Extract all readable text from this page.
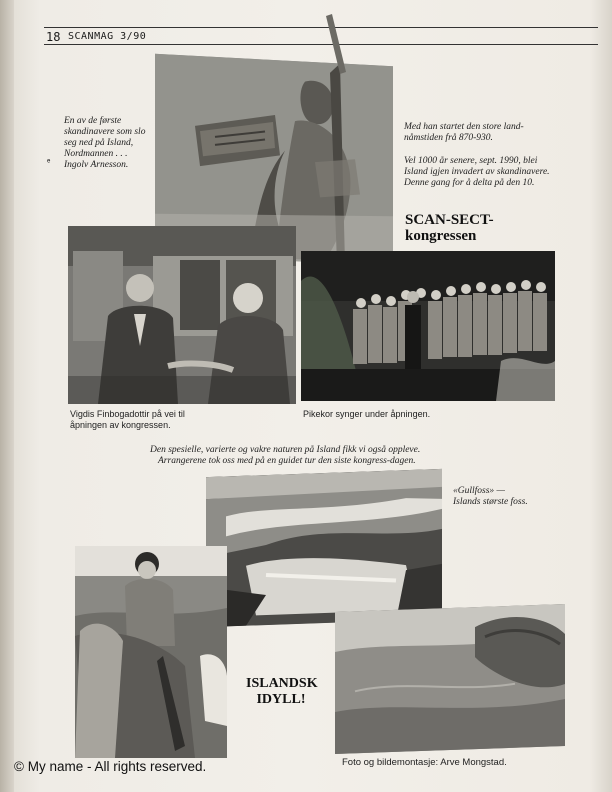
18 SCANMAG 3/90

En av de første skandinavere som slo seg ned på Island, Nordmannen . . . Ingolv Arnesson.

ₑ

Med han startet den store land-nåmstiden frå 870-930.

Vel 1000 år senere, sept. 1990, blei Island igjen invadert av skandinavere. Denne gang for å delta på den 10.

SCAN-SECT-
kongressen

Vigdis Finbogadottir på vei til åpningen av kongressen.

Pikekor synger under åpningen.

Den spesielle, varierte og vakre naturen på Island fikk vi også oppleve.

Arrangerene tok oss med på en guidet tur den siste kongress-dagen.

«Gullfoss» —

Islands største foss.

ISLANDSK
IDYLL!
Foto og bildemontasje: Arve Mongstad.
© My name - All rights reserved.
